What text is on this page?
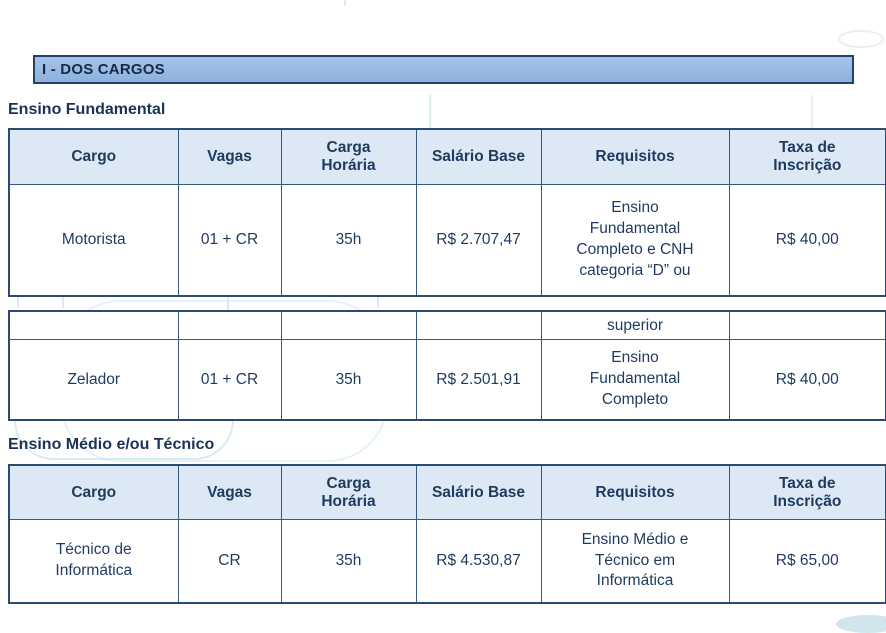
I - DOS CARGOS
Ensino Fundamental
Cargo	Vagas	Carga Horária	Salário Base	Requisitos	Taxa de Inscrição

Motorista	01 + CR	35h	R$ 2.707,47	Ensino Fundamental Completo e CNH categoria “D” ou	R$ 40,00

				superior	

Zelador	01 + CR	35h	R$ 2.501,91	Ensino Fundamental Completo	R$ 40,00
Ensino Médio e/ou Técnico
Cargo	Vagas	Carga Horária	Salário Base	Requisitos	Taxa de Inscrição

Técnico de Informática	CR	35h	R$ 4.530,87	Ensino Médio e Técnico em Informática	R$ 65,00
